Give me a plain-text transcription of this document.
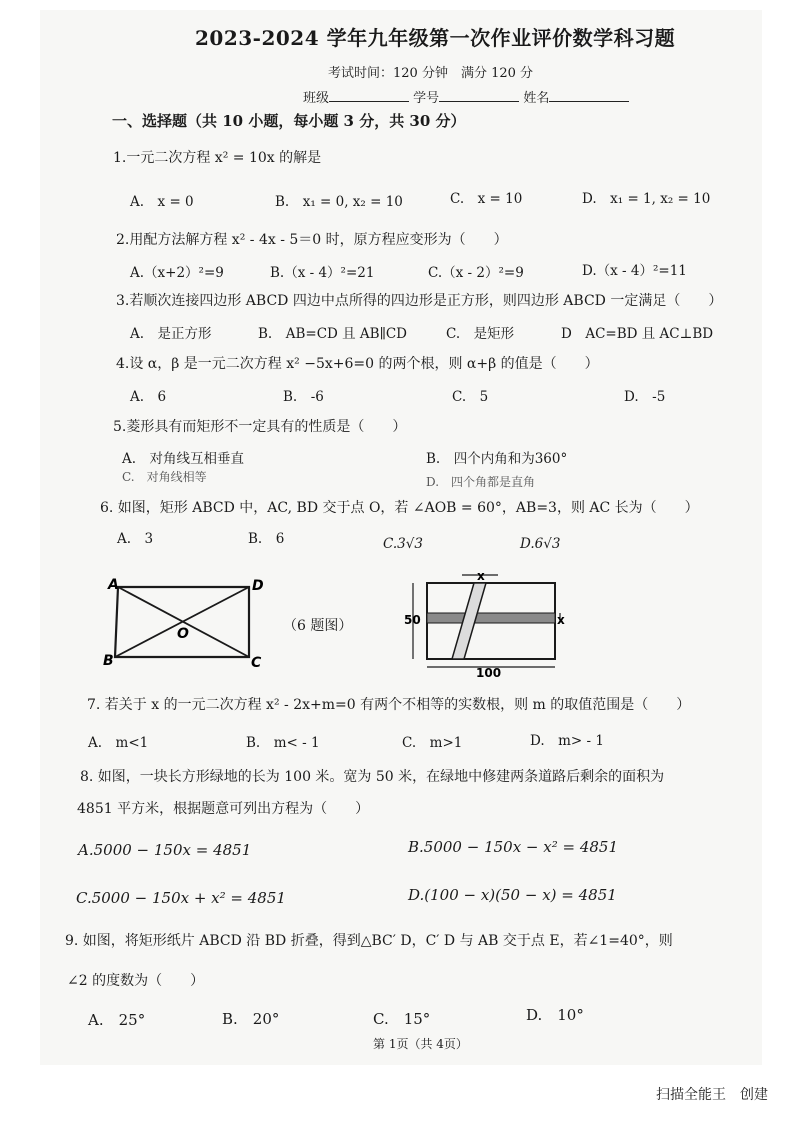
2023-2024 学年九年级第一次作业评价数学科习题
考试时间：120 分钟　满分 120 分
班级	学号	姓名
一、选择题（共 10 小题，每小题 3 分，共 30 分）
1.一元二次方程 x² = 10x 的解是
A.　x = 0	B.　x₁ = 0, x₂ = 10	C.　x = 10	D.　x₁ = 1, x₂ = 10
2.用配方法解方程 x² - 4x - 5＝0 时，原方程应变形为（　　）
A.（x+2）²=9	B.（x - 4）²=21	C.（x - 2）²=9	D.（x - 4）²=11
3.若顺次连接四边形 ABCD 四边中点所得的四边形是正方形，则四边形 ABCD 一定满足（　　）
A.　是正方形	B.　AB=CD 且 AB∥CD	C.　是矩形	D　AC=BD 且 AC⊥BD
4.设 α，β 是一元二次方程 x² −5x+6=0 的两个根，则 α+β 的值是（　　）
A.　6	B.　-6	C.　5	D.　-5
5.菱形具有而矩形不一定具有的性质是（　　）
A.　对角线互相垂直	B.　四个内角和为360°
C.　对角线相等	D.　四个角都是直角
6. 如图，矩形 ABCD 中，AC, BD 交于点 O，若 ∠AOB = 60°，AB=3，则 AC 长为（　　）
A.　3	B.　6	C.3√3	D.6√3
A
B	C
D
O	（6 题图）
x
50	x
100
7. 若关于 x 的一元二次方程 x² - 2x+m=0 有两个不相等的实数根，则 m 的取值范围是（　　）
A.　m<1	B.　m< - 1	C.　m>1	D.　m> - 1
8. 如图，一块长方形绿地的长为 100 米。宽为 50 米，在绿地中修建两条道路后剩余的面积为
4851 平方米，根据题意可列出方程为（　　）
A.5000 − 150x = 4851	B.5000 − 150x − x² = 4851
C.5000 − 150x + x² = 4851	D.(100 − x)(50 − x) = 4851
9. 如图，将矩形纸片 ABCD 沿 BD 折叠，得到△BC′ D，C′ D 与 AB 交于点 E，若∠1=40°，则
∠2 的度数为（　　）
A.　25°	B.　20°	C.　15°	D.　10°
第 1页（共 4页）
扫描全能王　创建
